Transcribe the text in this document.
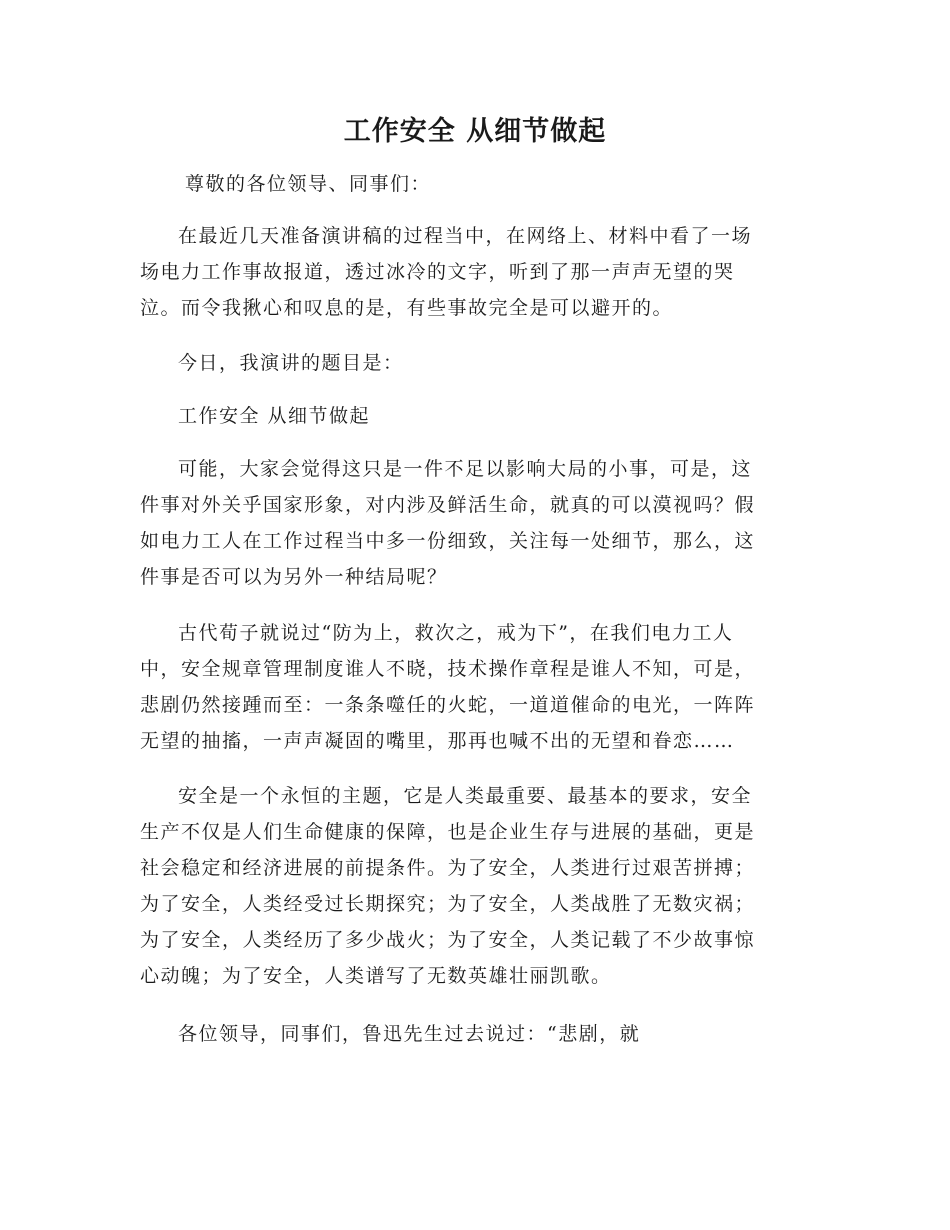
工作安全 从细节做起

尊敬的各位领导、同事们：

在最近几天准备演讲稿的过程当中，在网络上、材料中看了一场
场电力工作事故报道，透过冰冷的文字，听到了那一声声无望的哭
泣。而令我揪心和叹息的是，有些事故完全是可以避开的。

今日，我演讲的题目是：

工作安全 从细节做起

可能，大家会觉得这只是一件不足以影响大局的小事，可是，这
件事对外关乎国家形象，对内涉及鲜活生命，就真的可以漠视吗？假
如电力工人在工作过程当中多一份细致，关注每一处细节，那么，这
件事是否可以为另外一种结局呢？

古代荀子就说过“防为上，救次之，戒为下”，在我们电力工人
中，安全规章管理制度谁人不晓，技术操作章程是谁人不知，可是，
悲剧仍然接踵而至：一条条噬任的火蛇，一道道催命的电光，一阵阵
无望的抽搐，一声声凝固的嘴里，那再也喊不出的无望和眷恋……

安全是一个永恒的主题，它是人类最重要、最基本的要求，安全
生产不仅是人们生命健康的保障，也是企业生存与进展的基础，更是
社会稳定和经济进展的前提条件。为了安全，人类进行过艰苦拼搏；
为了安全，人类经受过长期探究；为了安全，人类战胜了无数灾祸；
为了安全，人类经历了多少战火；为了安全，人类记载了不少故事惊
心动魄；为了安全，人类谱写了无数英雄壮丽凯歌。

各位领导，同事们，鲁迅先生过去说过：“悲剧，就
